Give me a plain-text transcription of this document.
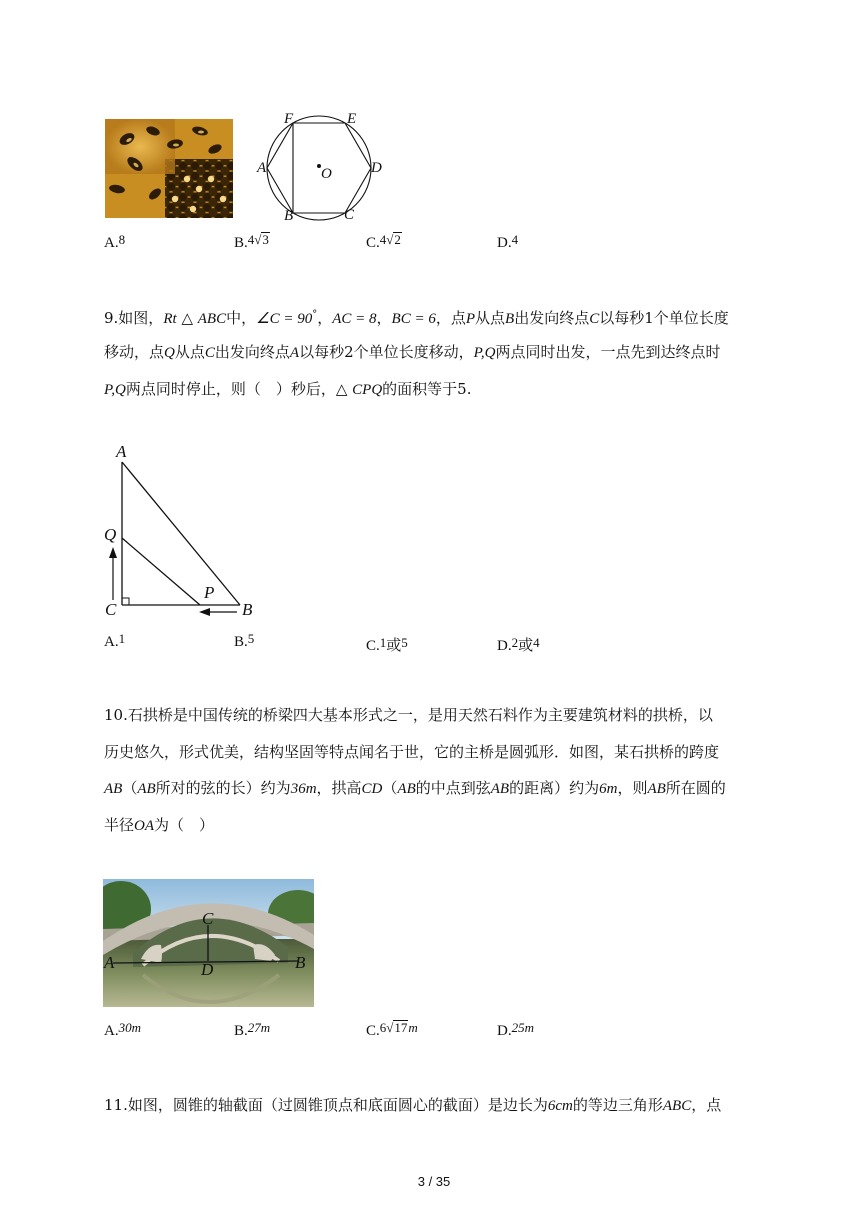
F	E
A	O	D
B	C
A.8	B.4√3	C.4√2	D.4
9.如图，Rt △ ABC中，∠C = 90°，AC = 8，BC = 6，点P从点B出发向终点C以每秒1个单位长度
移动，点Q从点C出发向终点A以每秒2个单位长度移动，P,Q两点同时出发，一点先到达终点时
P,Q两点同时停止，则（　）秒后，△ CPQ的面积等于5.
A
Q
C
P
B
A.1	B.5	C.1或5	D.2或4
10.石拱桥是中国传统的桥梁四大基本形式之一，是用天然石料作为主要建筑材料的拱桥，以
历史悠久，形式优美，结构坚固等特点闻名于世，它的主桥是圆弧形．如图，某石拱桥的跨度
AB（AB所对的弦的长）约为36m，拱高CD（AB的中点到弦AB的距离）约为6m，则AB所在圆的
半径OA为（　）
C
A	D	B
A.30m	B.27m	C.6√17m	D.25m
11.如图，圆锥的轴截面（过圆锥顶点和底面圆心的截面）是边长为6cm的等边三角形ABC，点
3 / 35
